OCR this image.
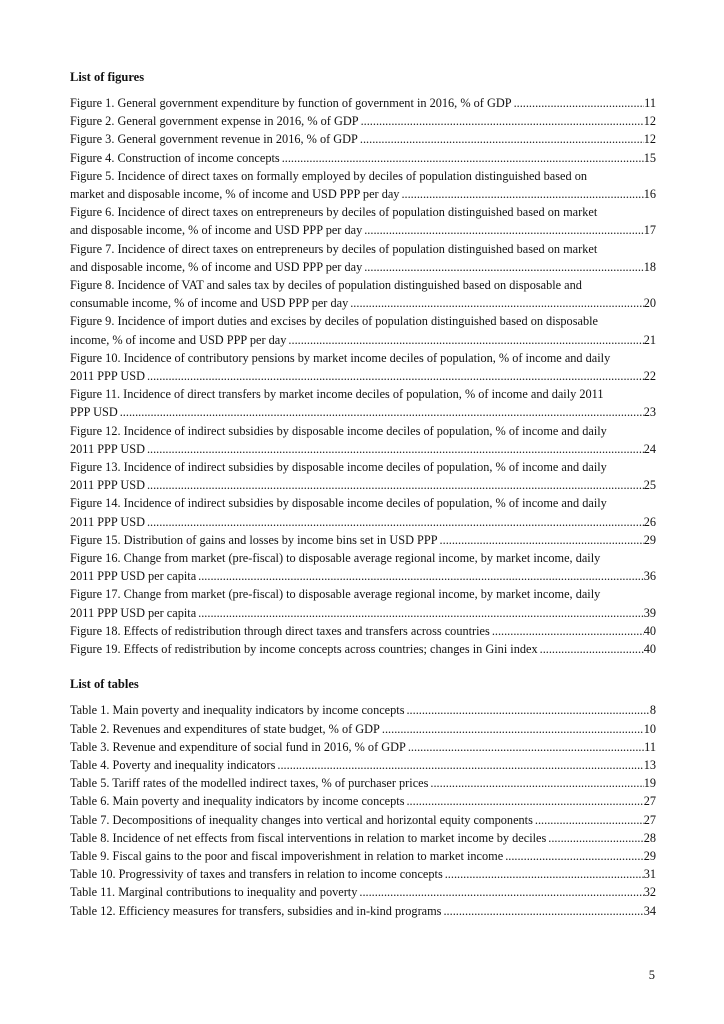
List of figures
Figure 1. General government expenditure by function of government in 2016, % of GDP .....	11
Figure 2. General government expense in 2016, % of GDP .....	12
Figure 3. General government revenue in 2016, % of GDP .....	12
Figure 4. Construction of income concepts .....	15
Figure 5. Incidence of direct taxes on formally employed by deciles of population distinguished based on
market and disposable income, % of income and USD PPP per day .....	16
Figure 6. Incidence of direct taxes on entrepreneurs by deciles of population distinguished based on market
and disposable income, % of income and USD PPP per day .....	17
Figure 7. Incidence of direct taxes on entrepreneurs by deciles of population distinguished based on market
and disposable income, % of income and USD PPP per day .....	18
Figure 8. Incidence of VAT and sales tax by deciles of population distinguished based on disposable and
consumable income, % of income and USD PPP per day .....	20
Figure 9. Incidence of import duties and excises by deciles of population distinguished based on disposable
income, % of income and USD PPP per day .....	21
Figure 10. Incidence of contributory pensions by market income deciles of population, % of income and daily
2011 PPP USD .....	22
Figure 11. Incidence of direct transfers by market income deciles of population, % of income and daily 2011
PPP USD .....	23
Figure 12. Incidence of indirect subsidies by disposable income deciles of population, % of income and daily
2011 PPP USD .....	24
Figure 13. Incidence of indirect subsidies by disposable income deciles of population, % of income and daily
2011 PPP USD .....	25
Figure 14. Incidence of indirect subsidies by disposable income deciles of population, % of income and daily
2011 PPP USD .....	26
Figure 15. Distribution of gains and losses by income bins set in USD PPP .....	29
Figure 16. Change from market (pre-fiscal) to disposable average regional income, by market income, daily
2011 PPP USD per capita .....	36
Figure 17. Change from market (pre-fiscal) to disposable average regional income, by market income, daily
2011 PPP USD per capita .....	39
Figure 18. Effects of redistribution through direct taxes and transfers across countries .....	40
Figure 19. Effects of redistribution by income concepts across countries; changes in Gini index .....	40
List of tables
Table 1. Main poverty and inequality indicators by income concepts .....	8
Table 2. Revenues and expenditures of state budget, % of GDP .....	10
Table 3. Revenue and expenditure of social fund in 2016, % of GDP .....	11
Table 4. Poverty and inequality indicators .....	13
Table 5. Tariff rates of the modelled indirect taxes, % of purchaser prices .....	19
Table 6. Main poverty and inequality indicators by income concepts .....	27
Table 7. Decompositions of inequality changes into vertical and horizontal equity components .....	27
Table 8. Incidence of net effects from fiscal interventions in relation to market income by deciles .....	28
Table 9. Fiscal gains to the poor and fiscal impoverishment in relation to market income .....	29
Table 10. Progressivity of taxes and transfers in relation to income concepts .....	31
Table 11. Marginal contributions to inequality and poverty .....	32
Table 12. Efficiency measures for transfers, subsidies and in-kind programs .....	34
5
